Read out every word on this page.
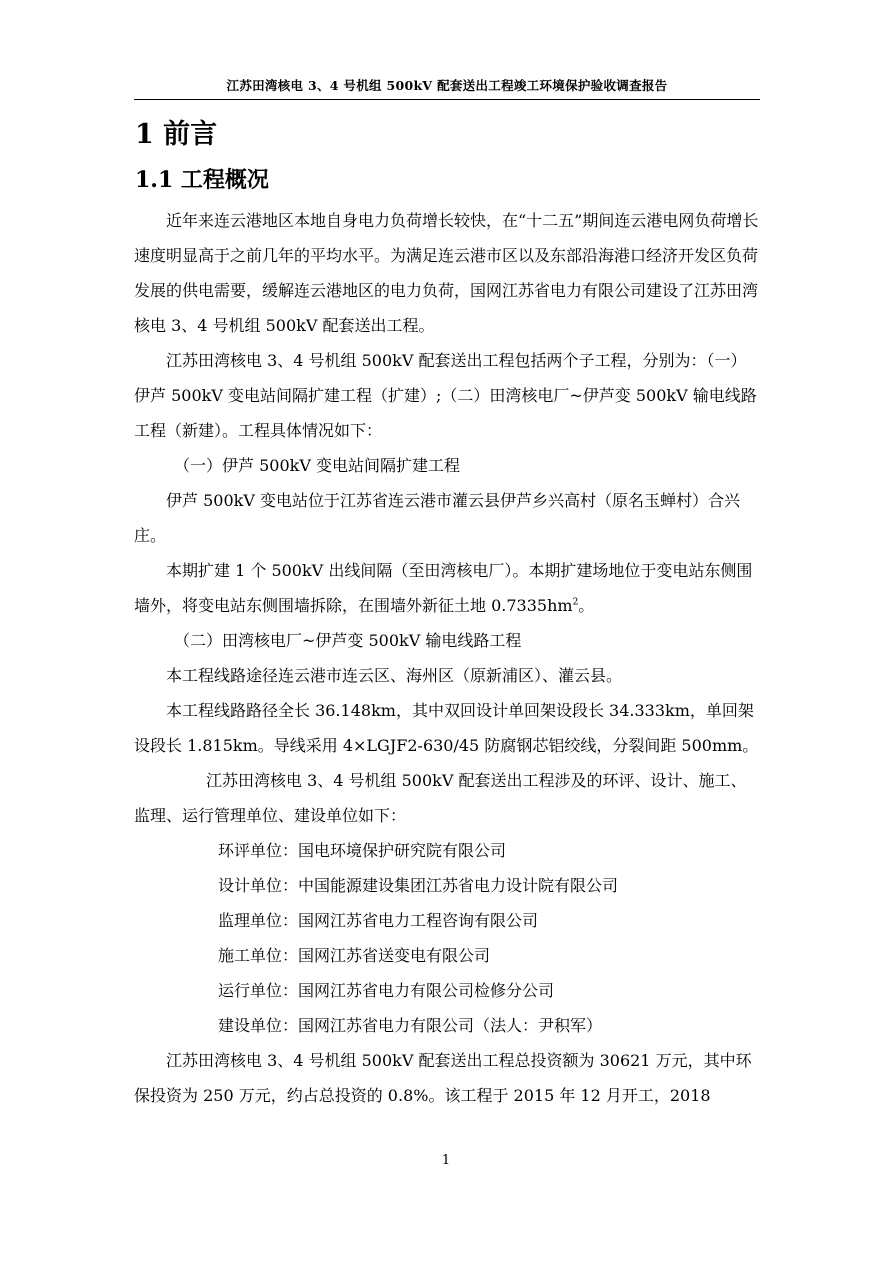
江苏田湾核电 3、4 号机组 500kV 配套送出工程竣工环境保护验收调查报告
1 前言
1.1 工程概况

近年来连云港地区本地自身电力负荷增长较快，在“十二五”期间连云港电网负荷增长速度明显高于之前几年的平均水平。为满足连云港市区以及东部沿海港口经济开发区负荷发展的供电需要，缓解连云港地区的电力负荷，国网江苏省电力有限公司建设了江苏田湾核电 3、4 号机组 500kV 配套送出工程。

江苏田湾核电 3、4 号机组 500kV 配套送出工程包括两个子工程，分别为：（一）伊芦 500kV 变电站间隔扩建工程（扩建）;（二）田湾核电厂~伊芦变 500kV 输电线路工程（新建）。工程具体情况如下：

（一）伊芦 500kV 变电站间隔扩建工程

伊芦 500kV 变电站位于江苏省连云港市灌云县伊芦乡兴高村（原名玉蝉村）合兴庄。

本期扩建 1 个 500kV 出线间隔（至田湾核电厂）。本期扩建场地位于变电站东侧围墙外，将变电站东侧围墙拆除，在围墙外新征土地 $0.7335hm^2$。

（二）田湾核电厂~伊芦变 500kV 输电线路工程

本工程线路途径连云港市连云区、海州区（原新浦区）、灌云县。

本工程线路路径全长 36.148km，其中双回设计单回架设段长 34.333km，单回架设段长 1.815km。导线采用 4×LGJF2-630/45 防腐钢芯铝绞线，分裂间距 500mm。

江苏田湾核电 3、4 号机组 500kV 配套送出工程涉及的环评、设计、施工、监理、运行管理单位、建设单位如下：

环评单位：国电环境保护研究院有限公司

设计单位：中国能源建设集团江苏省电力设计院有限公司

监理单位：国网江苏省电力工程咨询有限公司

施工单位：国网江苏省送变电有限公司

运行单位：国网江苏省电力有限公司检修分公司

建设单位：国网江苏省电力有限公司（法人：尹积军）

江苏田湾核电 3、4 号机组 500kV 配套送出工程总投资额为 30621 万元，其中环保投资为 250 万元，约占总投资的 0.8%。该工程于 2015 年 12 月开工，2018

1
